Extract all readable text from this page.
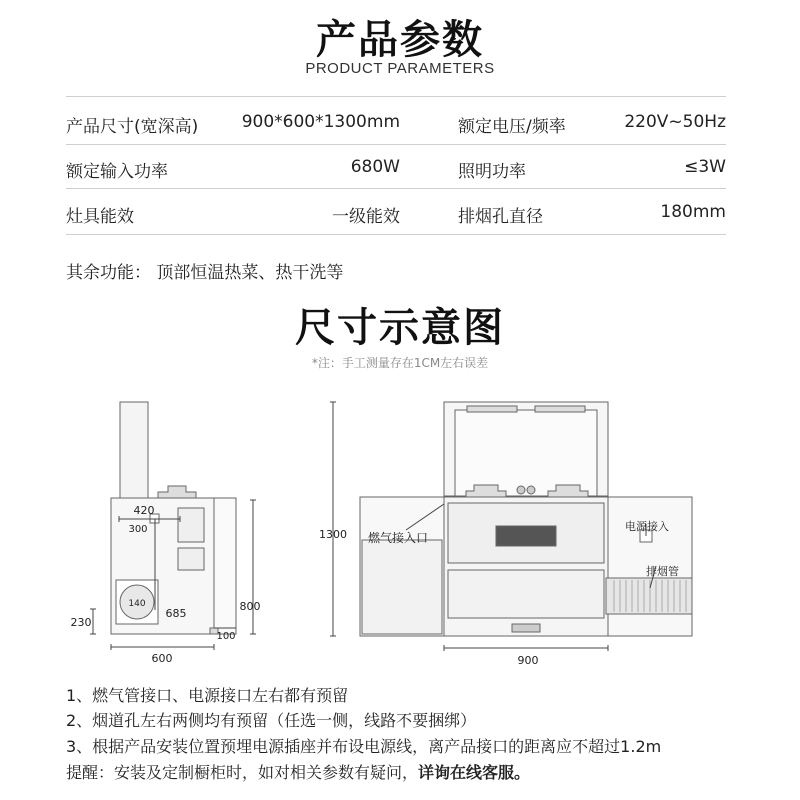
产品参数
PRODUCT PARAMETERS
产品尺寸(宽深高)	900*600*1300mm	额定电压/频率	220V~50Hz
额定输入功率	680W	照明功率	≤3W
灶具能效	一级能效	排烟孔直径	180mm
其余功能： 顶部恒温热菜、热干洗等
尺寸示意图
*注：手工测量存在1CM左右误差
420
300
140
685
230
800
100
600
1300
900
燃气接入口
电源接入
排烟管
1、燃气管接口、电源接口左右都有预留
2、烟道孔左右两侧均有预留（任选一侧，线路不要捆绑）
3、根据产品安装位置预埋电源插座并布设电源线，离产品接口的距离应不超过1.2m
提醒：安装及定制橱柜时，如对相关参数有疑问，详询在线客服。
